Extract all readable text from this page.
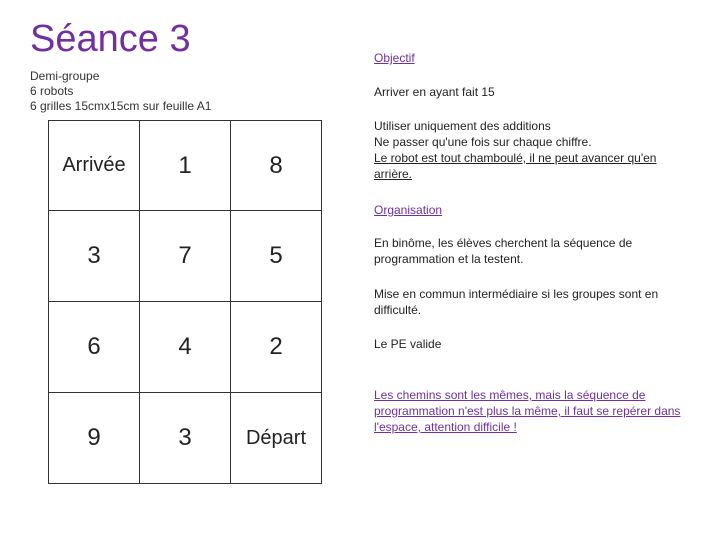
Séance 3
Demi-groupe
6 robots
6 grilles 15cmx15cm sur feuille A1
Arrivée	1	8
3	7	5
6	4	2
9	3	Départ
Objectif
Arriver en ayant fait 15
Utiliser uniquement des additions
Ne passer qu'une fois sur chaque chiffre.
Le robot est tout chamboulé, il ne peut avancer qu'en arrière.
Organisation
En binôme, les élèves cherchent la séquence de programmation et la testent.
Mise en commun intermédiaire si les groupes sont en difficulté.
Le PE valide
Les chemins sont les mêmes, mais la séquence de programmation n'est plus la même, il faut se repérer dans l'espace, attention difficile !
